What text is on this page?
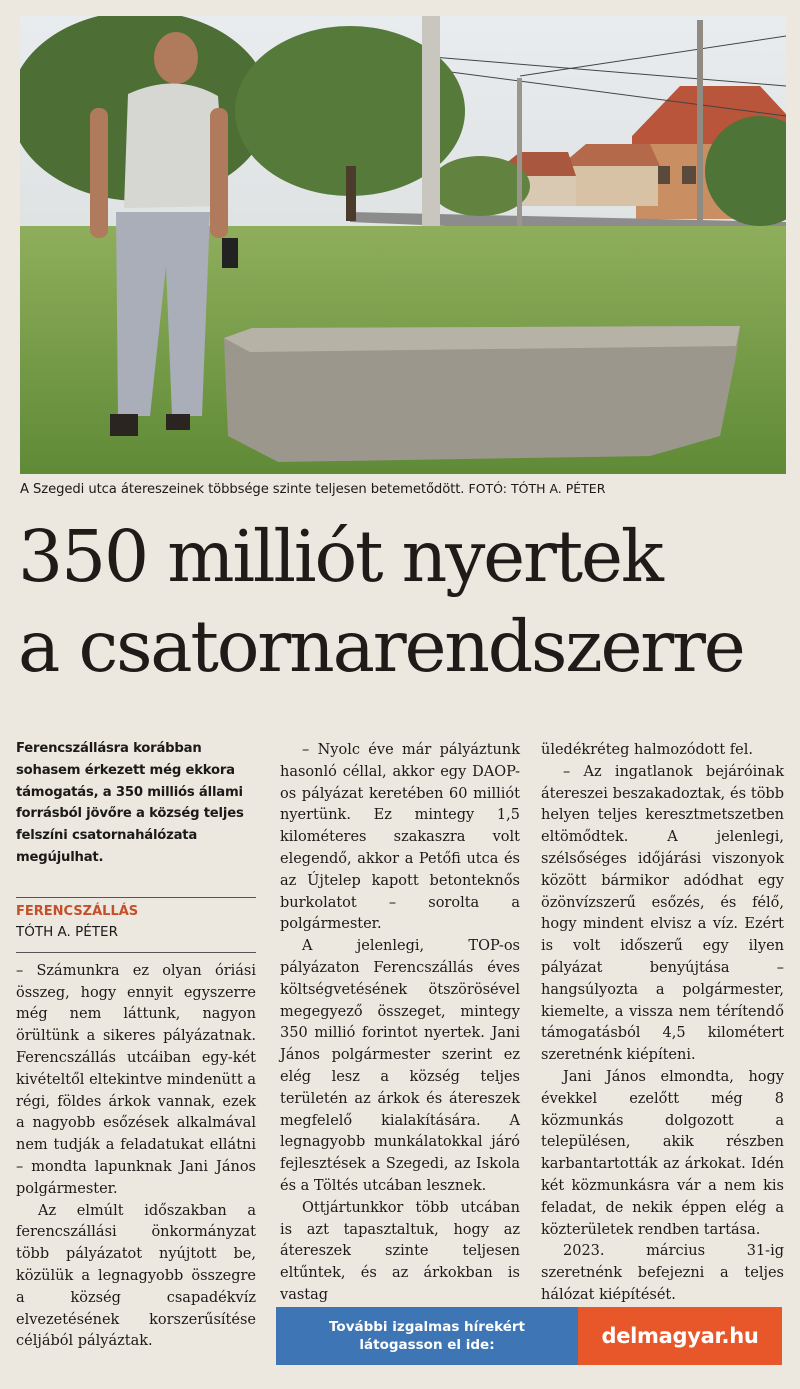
A Szegedi utca átereszeinek többsége szinte teljesen betemetődött. FOTÓ: TÓTH A. PÉTER
350 milliót nyertek
a csatornarendszerre

Ferencszállásra korábban sohasem érkezett még ekkora támogatás, a 350 milliós állami forrásból jövőre a község teljes felszíni csatornahálózata megújulhat.

FERENCSZÁLLÁS
TÓTH A. PÉTER

– Számunkra ez olyan óriási összeg, hogy ennyit egyszerre még nem láttunk, nagyon örültünk a sikeres pályázatnak. Ferencszállás utcáiban egy-két kivételtől eltekintve mindenütt a régi, földes árkok vannak, ezek a nagyobb esőzések alkalmával nem tudják a feladatukat ellátni – mondta lapunknak Jani János polgármester.

Az elmúlt időszakban a ferencszállási önkormányzat több pályázatot nyújtott be, közülük a legnagyobb összegre a község csapadékvíz elvezetésének korszerűsítése céljából pályáztak.

– Nyolc éve már pályáztunk hasonló céllal, akkor egy DAOP-os pályázat keretében 60 milliót nyertünk. Ez mintegy 1,5 kilométeres szakaszra volt elegendő, akkor a Petőfi utca és az Újtelep kapott betonteknős burkolatot – sorolta a polgármester.

A jelenlegi, TOP-os pályázaton Ferencszállás éves költségvetésének ötszörösével megegyező összeget, mintegy 350 millió forintot nyertek. Jani János polgármester szerint ez elég lesz a község teljes területén az árkok és átereszek megfelelő kialakítására. A legnagyobb munkálatokkal járó fejlesztések a Szegedi, az Iskola és a Töltés utcában lesznek.

Ottjártunkkor több utcában is azt tapasztaltuk, hogy az átereszek szinte teljesen eltűntek, és az árkokban is vastag

üledékréteg halmozódott fel.

– Az ingatlanok bejáróinak átereszei beszakadoztak, és több helyen teljes keresztmetszetben eltömődtek. A jelenlegi, szélsőséges időjárási viszonyok között bármikor adódhat egy özönvízszerű esőzés, és félő, hogy mindent elvisz a víz. Ezért is volt időszerű egy ilyen pályázat benyújtása – hangsúlyozta a polgármester, kiemelte, a vissza nem térítendő támogatásból 4,5 kilométert szeretnénk kiépíteni.

Jani János elmondta, hogy évekkel ezelőtt még 8 közmunkás dolgozott a településen, akik részben karbantartották az árkokat. Idén két közmunkásra vár a nem kis feladat, de nekik éppen elég a közterületek rendben tartása.

2023. március 31-ig szeretnénk befejezni a teljes hálózat kiépítését.

További izgalmas hírekért
látogasson el ide:	delmagyar.hu
